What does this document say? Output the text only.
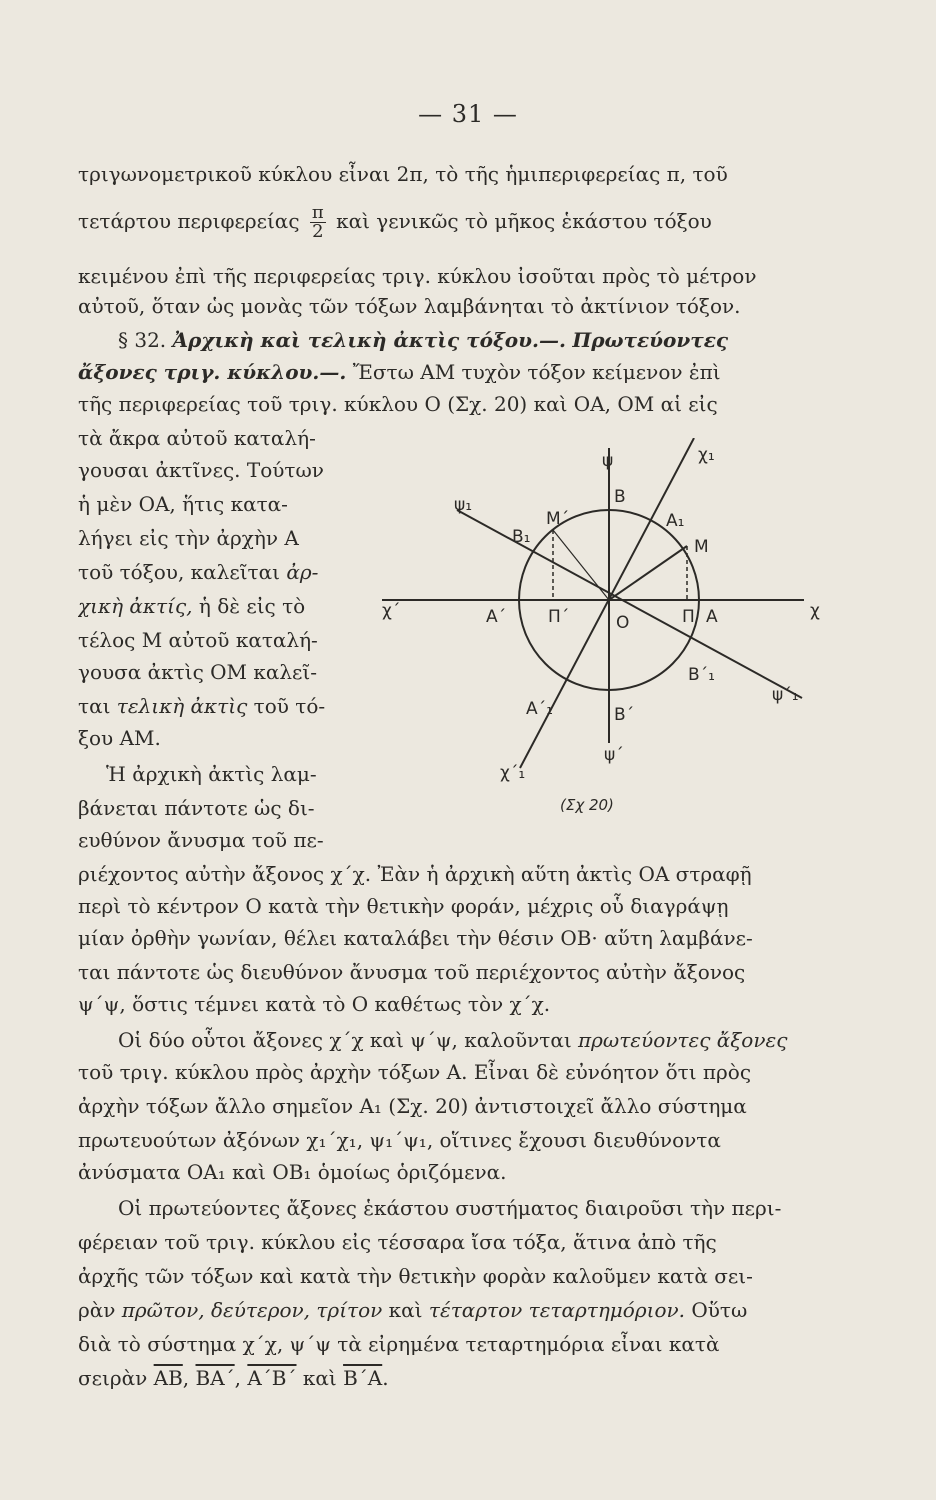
— 31 —
τριγωνομετρικοῦ κύκλου εἶναι 2π, τὸ τῆς ἡμιπεριφερείας π, τοῦ
τετάρτου περιφερείας $\frac{\pi}{2}$ καὶ γενικῶς τὸ μῆκος ἑκάστου τόξου
κειμένου ἐπὶ τῆς περιφερείας τριγ. κύκλου ἰσοῦται πρὸς τὸ μέτρον
αὐτοῦ, ὅταν ὡς μονὰς τῶν τόξων λαμβάνηται τὸ ἀκτίνιον τόξον.
§ 32. Ἀρχικὴ καὶ τελικὴ ἀκτὶς τόξου.—. Πρωτεύοντες
ἄξονες τριγ. κύκλου.—. Ἔστω ΑΜ τυχὸν τόξον κείμενον ἐπὶ
τῆς περιφερείας τοῦ τριγ. κύκλου Ο (Σχ. 20) καὶ ΟΑ, ΟΜ αἱ εἰς
τὰ ἄκρα αὐτοῦ καταλή-
γουσαι ἀκτῖνες. Τούτων
ἡ μὲν ΟΑ, ἥτις κατα-
λήγει εἰς τὴν ἀρχὴν Α
τοῦ τόξου, καλεῖται ἀρ-
χικὴ ἀκτίς, ἡ δὲ εἰς τὸ
τέλος Μ αὐτοῦ καταλή-
γουσα ἀκτὶς ΟΜ καλεῖ-
ται τελικὴ ἀκτὶς τοῦ τό-
ξου ΑΜ.
Ἡ ἀρχικὴ ἀκτὶς λαμ-
βάνεται πάντοτε ὡς δι-
ευθύνον ἄνυσμα τοῦ πε-
ψ	χ₁
ψ₁
Μ΄
Β
Α₁
Β₁	Μ
χ΄	Α΄ Π΄	Ο	Π Α	χ
Β΄₁
ψ΄₁
Α΄₁	Β΄
χ΄₁
ψ΄
(Σχ 20)
ριέχοντος αὐτὴν ἄξονος χ΄χ. Ἐὰν ἡ ἀρχικὴ αὕτη ἀκτὶς ΟΑ στραφῇ
περὶ τὸ κέντρον Ο κατὰ τὴν θετικὴν φοράν, μέχρις οὗ διαγράψῃ
μίαν ὀρθὴν γωνίαν, θέλει καταλάβει τὴν θέσιν ΟΒ· αὕτη λαμβάνε-
ται πάντοτε ὡς διευθύνον ἄνυσμα τοῦ περιέχοντος αὐτὴν ἄξονος
ψ΄ψ, ὅστις τέμνει κατὰ τὸ Ο καθέτως τὸν χ΄χ.
Οἱ δύο οὗτοι ἄξονες χ΄χ καὶ ψ΄ψ, καλοῦνται πρωτεύοντες ἄξονες
τοῦ τριγ. κύκλου πρὸς ἀρχὴν τόξων Α. Εἶναι δὲ εὐνόητον ὅτι πρὸς
ἀρχὴν τόξων ἄλλο σημεῖον Α₁ (Σχ. 20) ἀντιστοιχεῖ ἄλλο σύστημα
πρωτευούτων ἀξόνων χ₁΄χ₁, ψ₁΄ψ₁, οἵτινες ἔχουσι διευθύνοντα
ἀνύσματα ΟΑ₁ καὶ ΟΒ₁ ὁμοίως ὁριζόμενα.
Οἱ πρωτεύοντες ἄξονες ἑκάστου συστήματος διαιροῦσι τὴν περι-
φέρειαν τοῦ τριγ. κύκλου εἰς τέσσαρα ἴσα τόξα, ἅτινα ἀπὸ τῆς
ἀρχῆς τῶν τόξων καὶ κατὰ τὴν θετικὴν φορὰν καλοῦμεν κατὰ σει-
ρὰν πρῶτον, δεύτερον, τρίτον καὶ τέταρτον τεταρτημόριον. Οὕτω
διὰ τὸ σύστημα χ΄χ, ψ΄ψ τὰ εἰρημένα τεταρτημόρια εἶναι κατὰ
σειρὰν $\overline{AB}$, $\overline{BA΄}$, Α΄Β΄ καὶ $\overline{B΄A}$.
